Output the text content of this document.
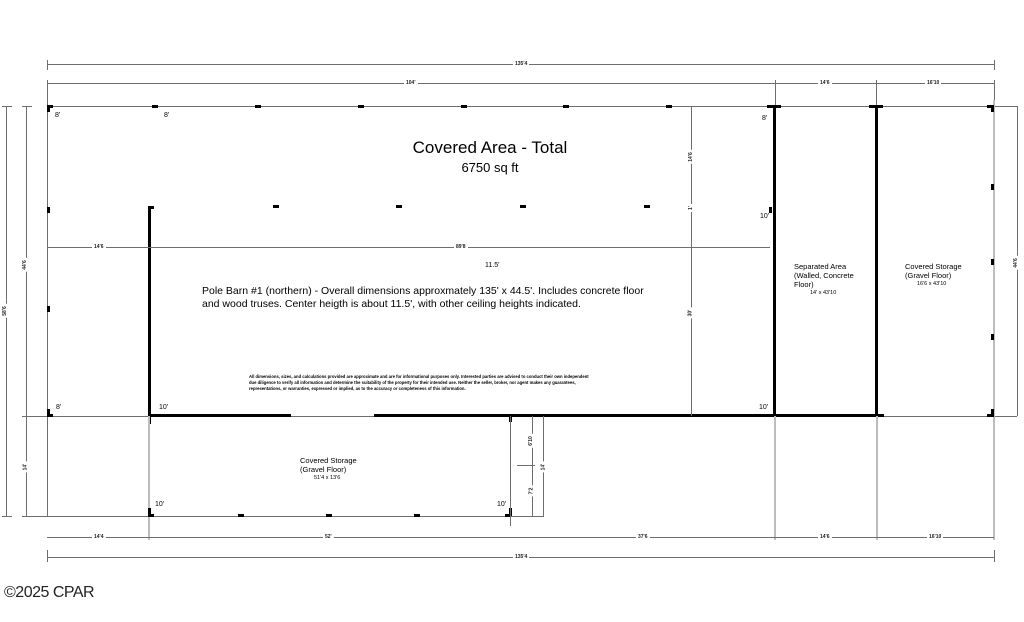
135'4
104'	14'6	16'10
58'6
44'6
14'
44'6
6'10
7'2
14'
14'6	89'8
14'6
1'
30'
14'4	52'	37'6	14'6	16'10
135'4
8'	8'	8'
10'
8'	10'	10'
10'	10'
Covered Area - Total
6750 sq ft
11.5'
Pole Barn #1 (northern) - Overall dimensions approxmately 135' x 44.5'. Includes concrete floor and wood truses. Center heigth is about 11.5', with other ceiling heights indicated.
All dimensions, sizes, and calculations provided are approximate and are for informational purposes only. Interested parties are advised to conduct their own independent due diligence to verify all information and determine the suitability of the property for their intended use. Neither the seller, broker, nor agent makes any guarantees, representations, or warranties, expressed or implied, as to the accuracy or completeness of this information.
Separated Area
(Walled, Concrete
Floor)
14' x 43'10
Covered Storage
(Gravel Floor)
16'6 x 43'10
Covered Storage
(Gravel Floor)
51'4 x 13'6
©2025 CPAR
